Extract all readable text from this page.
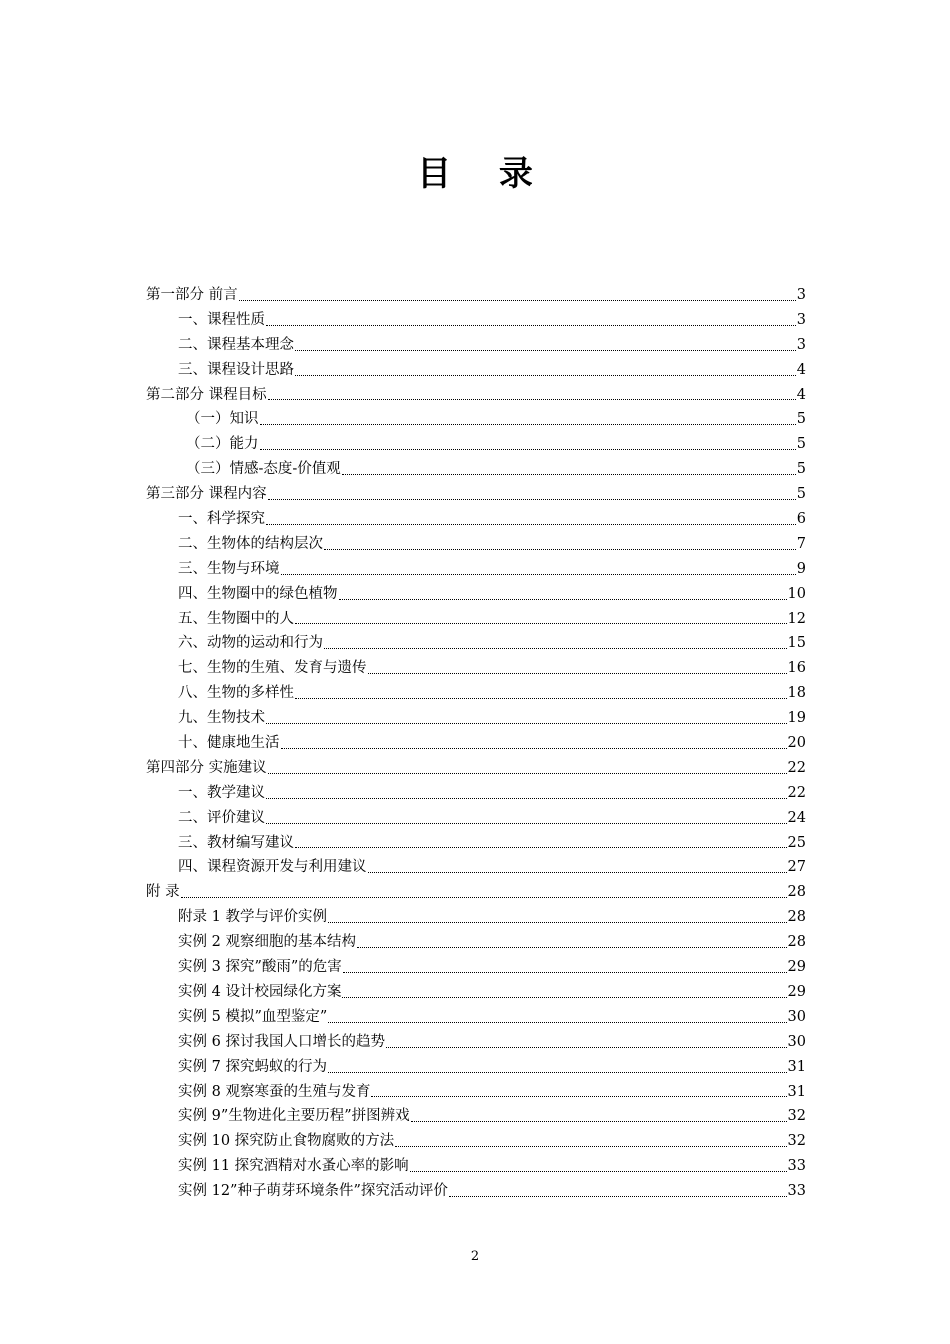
目 录
第一部分 前言	3
一、课程性质	3
二、课程基本理念	3
三、课程设计思路	4
第二部分 课程目标	4
（一）知识	5
（二）能力	5
（三）情感-态度-价值观	5
第三部分 课程内容	5
一、科学探究	6
二、生物体的结构层次	7
三、生物与环境	9
四、生物圈中的绿色植物	10
五、生物圈中的人	12
六、动物的运动和行为	15
七、生物的生殖、发育与遗传	16
八、生物的多样性	18
九、生物技术	19
十、健康地生活	20
第四部分 实施建议	22
一、教学建议	22
二、评价建议	24
三、教材编写建议	25
四、课程资源开发与利用建议	27
附 录	28
附录 1 教学与评价实例	28
实例 2 观察细胞的基本结构	28
实例 3 探究”酸雨”的危害	29
实例 4 设计校园绿化方案	29
实例 5 模拟”血型鉴定”	30
实例 6 探讨我国人口增长的趋势	30
实例 7 探究蚂蚁的行为	31
实例 8 观察寒蚕的生殖与发育	31
实例 9”生物进化主要历程”拼图辨戏	32
实例 10 探究防止食物腐败的方法	32
实例 11 探究酒精对水蚤心率的影响	33
实例 12”种子萌芽环境条件”探究活动评价	33
2
